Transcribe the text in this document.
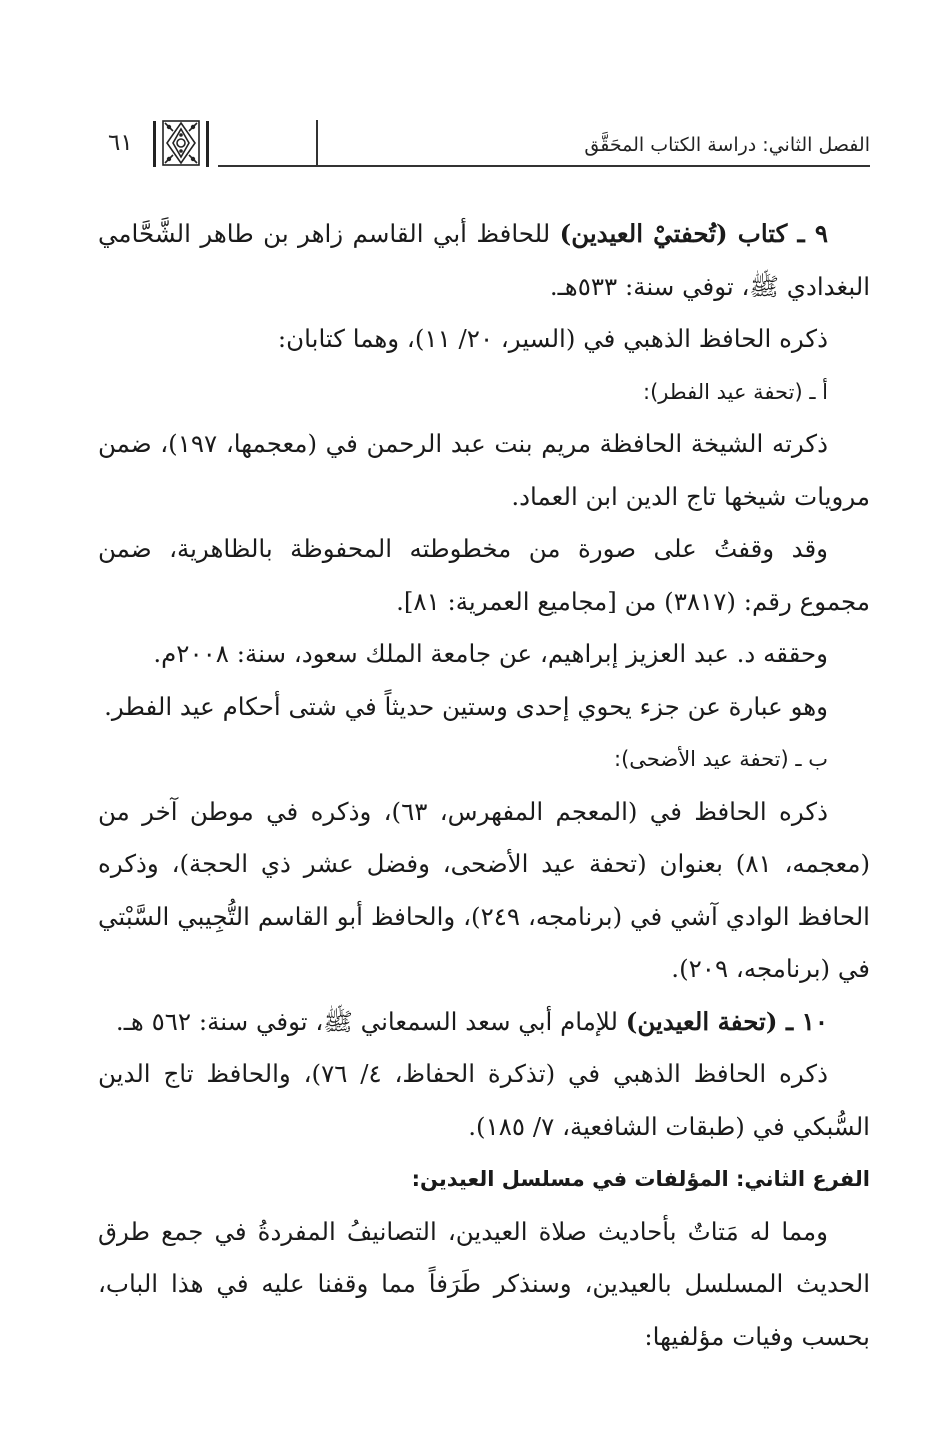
الفصل الثاني: دراسة الكتاب المحَقَّق
٦١

٩ ـ كتاب (تُحفتيْ العيدين) للحافظ أبي القاسم زاهر بن طاهر الشَّحَّامي البغدادي ﷺ، توفي سنة: ٥٣٣هـ.

ذكره الحافظ الذهبي في (السير، ٢٠/ ١١)، وهما كتابان:

أ ـ (تحفة عيد الفطر):

ذكرته الشيخة الحافظة مريم بنت عبد الرحمن في (معجمها، ١٩٧)، ضمن مرويات شيخها تاج الدين ابن العماد.

وقد وقفتُ على صورة من مخطوطته المحفوظة بالظاهرية، ضمن مجموع رقم: (٣٨١٧) من [مجاميع العمرية: ٨١].

وحققه د. عبد العزيز إبراهيم، عن جامعة الملك سعود، سنة: ٢٠٠٨م.

وهو عبارة عن جزء يحوي إحدى وستين حديثاً في شتى أحكام عيد الفطر.

ب ـ (تحفة عيد الأضحى):

ذكره الحافظ في (المعجم المفهرس، ٦٣)، وذكره في موطن آخر من (معجمه، ٨١) بعنوان (تحفة عيد الأضحى، وفضل عشر ذي الحجة)، وذكره الحافظ الوادي آشي في (برنامجه، ٢٤٩)، والحافظ أبو القاسم التُّجِيبي السَّبْتي في (برنامجه، ٢٠٩).

١٠ ـ (تحفة العيدين) للإمام أبي سعد السمعاني ﷺ، توفي سنة: ٥٦٢ هـ.

ذكره الحافظ الذهبي في (تذكرة الحفاظ، ٤/ ٧٦)، والحافظ تاج الدين السُّبكي في (طبقات الشافعية، ٧/ ١٨٥).

الفرع الثاني: المؤلفات في مسلسل العيدين:

ومما له مَتاتٌ بأحاديث صلاة العيدين، التصانيفُ المفردةُ في جمع طرق الحديث المسلسل بالعيدين، وسنذكر طَرَفاً مما وقفنا عليه في هذا الباب، بحسب وفيات مؤلفيها:
